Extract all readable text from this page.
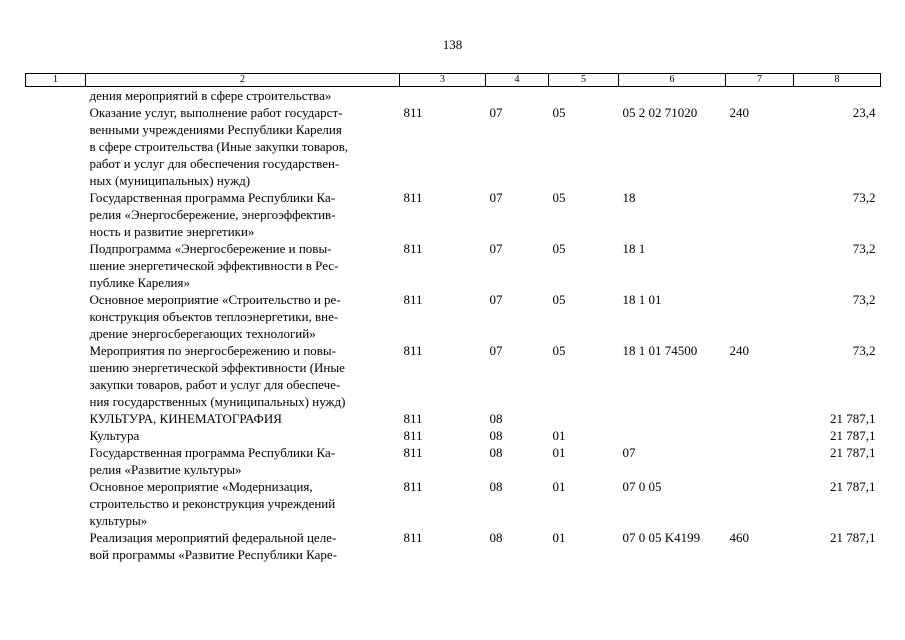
138
1	2	3	4	5	6	7	8

	дения мероприятий в сфере строительства»						

	Оказание услуг, выполнение работ государст-
венными учреждениями Республики Карелия
в сфере строительства (Иные закупки товаров,
работ и услуг для обеспечения государствен-
ных (муниципальных) нужд)	811	07	05	05 2 02 71020	240	23,4

	Государственная программа Республики Ка-
релия «Энергосбережение, энергоэффектив-
ность и развитие энергетики»	811	07	05	18		73,2

	Подпрограмма «Энергосбережение и повы-
шение энергетической эффективности в Рес-
публике Карелия»	811	07	05	18 1		73,2

	Основное мероприятие «Строительство и ре-
конструкция объектов теплоэнергетики, вне-
дрение энергосберегающих технологий»	811	07	05	18 1 01		73,2

	Мероприятия по энергосбережению и повы-
шению энергетической эффективности (Иные
закупки товаров, работ и услуг для обеспече-
ния государственных (муниципальных) нужд)	811	07	05	18 1 01 74500	240	73,2

	КУЛЬТУРА, КИНЕМАТОГРАФИЯ	811	08				21 787,1

	Культура	811	08	01			21 787,1

	Государственная программа Республики Ка-
релия «Развитие культуры»	811	08	01	07		21 787,1

	Основное мероприятие «Модернизация,
строительство и реконструкция учреждений
культуры»	811	08	01	07 0 05		21 787,1

	Реализация мероприятий федеральной целе-
вой программы «Развитие Республики Каре-	811	08	01	07 0 05 K4199	460	21 787,1
